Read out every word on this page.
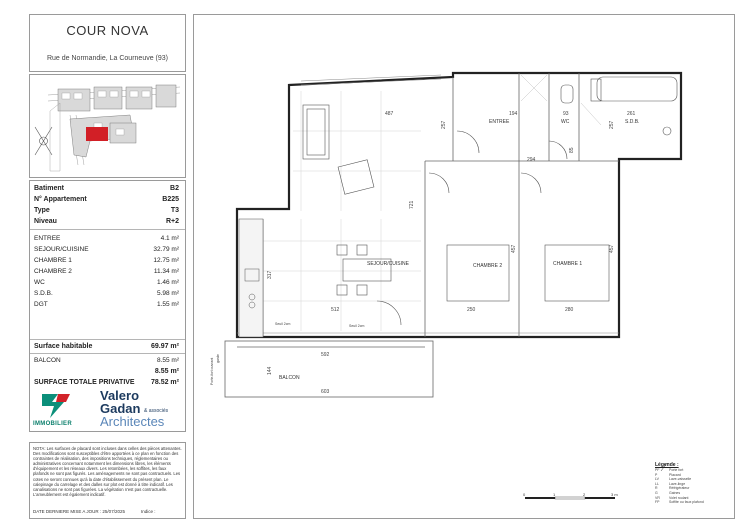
COUR NOVA
Rue de Normandie, La Courneuve (93)
Batiment	B2
N° Appartement	B225
Type	T3
Niveau	R+2
ENTREE	4.1 m²
SEJOUR/CUISINE	32.79 m²
CHAMBRE 1	12.75 m²
CHAMBRE 2	11.34 m²
WC	1.46 m²
S.D.B.	5.98 m²
DGT	1.55 m²
Surface habitable	69.97 m²
BALCON	8.55 m²
8.55 m²
SURFACE TOTALE PRIVATIVE 78.52 m²
IMMOBILIER
Valero
Gadan & associés
Architectes
NOTA: Les surfaces de placard sont incluses dans celles des pièces attenantes. Des modifications sont susceptibles d'être apportées à ce plan en fonction des contraintes de réalisation, des impositions techniques, réglementaires ou administratives concernant notamment les dimensions libres, les éléments d'équipement et les réseaux divers. Les retombées, les soffites, les faux plafonds ne sont pas figurés. Les aménagements ne sont pas contractuels. Les cotes ne seront connues qu'à la date d'établissement du présent plan. Le calepinage du carrelage et des dalles sur plot est donné à titre indicatif. Les canalisations ne sont pas figurées. La végétation n'est pas contractuelle. L'ameublement est également indicatif.
DATE DERNIERE MISE A JOUR : 25/07/2025	Indice :
SEJOUR/CUISINE	CHAMBRE 2	CHAMBRE 1
ENTREE	WC	S.D.B.
BALCON
487	194	93	261
257	257
294
85
721
457	457
317
512	250	280
592
603
144
Seuil 2cm	Seuil 2cm
Porte-fort ouvrant garde
0	1	2	3 m
Légende :
PF	Porte fort
P	Placard
LV	Lave-vaisselle
LL	Lave-linge
R	Réfrigérateur
G	Gaines
VR	Volet roulant
FP	Soffite ou faux plafond
